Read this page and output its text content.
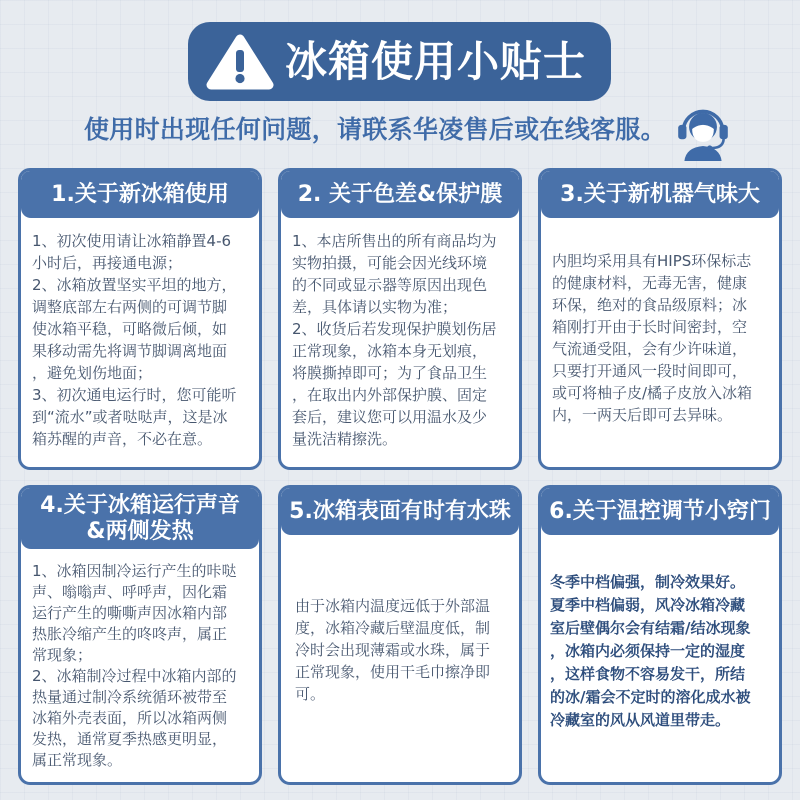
冰箱使用小贴士
使用时出现任何问题，请联系华凌售后或在线客服。
1.关于新冰箱使用
1、初次使用请让冰箱静置4-6
小时后，再接通电源；
2、冰箱放置坚实平坦的地方，
调整底部左右两侧的可调节脚
使冰箱平稳，可略微后倾，如
果移动需先将调节脚调离地面
，避免划伤地面；
3、初次通电运行时，您可能听
到“流水”或者哒哒声，这是冰
箱苏醒的声音，不必在意。
2. 关于色差&保护膜
1、本店所售出的所有商品均为
实物拍摄，可能会因光线环境
的不同或显示器等原因出现色
差，具体请以实物为准；
2、收货后若发现保护膜划伤居
正常现象，冰箱本身无划痕，
将膜撕掉即可；为了食品卫生
，在取出内外部保护膜、固定
套后，建议您可以用温水及少
量洗洁精擦洗。
3.关于新机器气味大
内胆均采用具有HIPS环保标志
的健康材料，无毒无害，健康
环保，绝对的食品级原料；冰
箱刚打开由于长时间密封，空
气流通受阻，会有少许味道，
只要打开通风一段时间即可，
或可将柚子皮/橘子皮放入冰箱
内，一两天后即可去异味。
4.关于冰箱运行声音
&两侧发热
1、冰箱因制冷运行产生的咔哒
声、嗡嗡声、呼呼声，因化霜
运行产生的嘶嘶声因冰箱内部
热胀冷缩产生的咚咚声，属正
常现象；
2、冰箱制冷过程中冰箱内部的
热量通过制冷系统循环被带至
冰箱外壳表面，所以冰箱两侧
发热，通常夏季热感更明显，
属正常现象。
5.冰箱表面有时有水珠
由于冰箱内温度远低于外部温
度，冰箱冷藏后壁温度低，制
冷时会出现薄霜或水珠，属于
正常现象，使用干毛巾擦净即
可。
6.关于温控调节小窍门
冬季中档偏强，制冷效果好。
夏季中档偏弱，风冷冰箱冷藏
室后壁偶尔会有结霜/结冰现象
，冰箱内必须保持一定的湿度
，这样食物不容易发干，所结
的冰/霜会不定时的溶化成水被
冷藏室的风从风道里带走。
